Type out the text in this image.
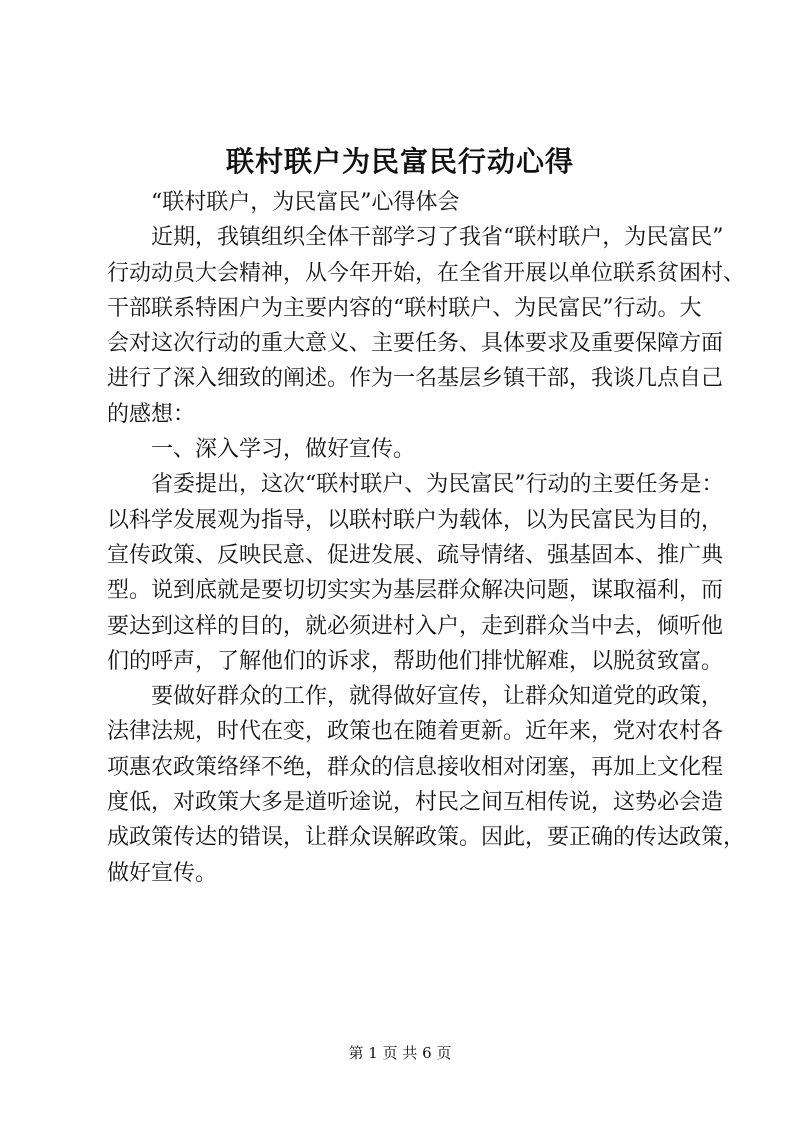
联村联户为民富民行动心得
“联村联户，为民富民”心得体会
近期，我镇组织全体干部学习了我省“联村联户，为民富民”
行动动员大会精神，从今年开始，在全省开展以单位联系贫困村、
干部联系特困户为主要内容的“联村联户、为民富民”行动。大
会对这次行动的重大意义、主要任务、具体要求及重要保障方面
进行了深入细致的阐述。作为一名基层乡镇干部，我谈几点自己
的感想：
一、深入学习，做好宣传。
省委提出，这次“联村联户、为民富民”行动的主要任务是：
以科学发展观为指导，以联村联户为载体，以为民富民为目的，
宣传政策、反映民意、促进发展、疏导情绪、强基固本、推广典
型。说到底就是要切切实实为基层群众解决问题，谋取福利，而
要达到这样的目的，就必须进村入户，走到群众当中去，倾听他
们的呼声，了解他们的诉求，帮助他们排忧解难，以脱贫致富。
要做好群众的工作，就得做好宣传，让群众知道党的政策，
法律法规，时代在变，政策也在随着更新。近年来，党对农村各
项惠农政策络绎不绝，群众的信息接收相对闭塞，再加上文化程
度低，对政策大多是道听途说，村民之间互相传说，这势必会造
成政策传达的错误，让群众误解政策。因此，要正确的传达政策，
做好宣传。
第 1 页 共 6 页
